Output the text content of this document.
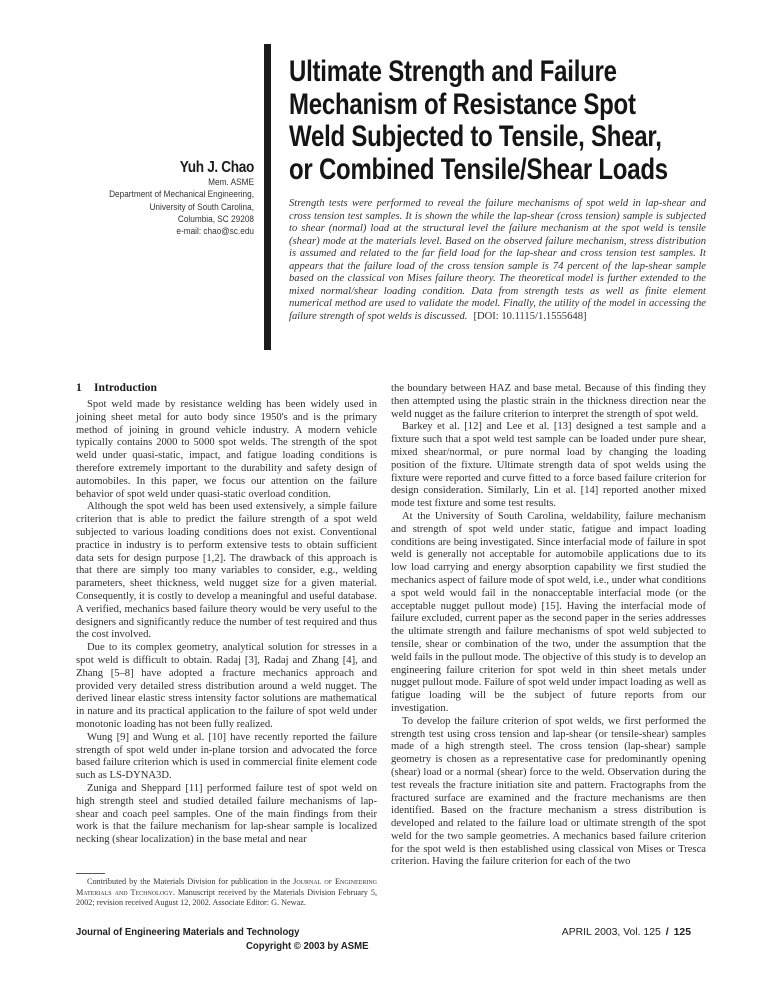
Yuh J. Chao
Mem. ASME
Department of Mechanical Engineering,
University of South Carolina,
Columbia, SC 29208
e-mail: chao@sc.edu
Ultimate Strength and Failure
Mechanism of Resistance Spot
Weld Subjected to Tensile, Shear,
or Combined Tensile/Shear Loads
Strength tests were performed to reveal the failure mechanisms of spot weld in lap-shear and cross tension test samples. It is shown the while the lap-shear (cross tension) sample is subjected to shear (normal) load at the structural level the failure mechanism at the spot weld is tensile (shear) mode at the materials level. Based on the observed failure mechanism, stress distribution is assumed and related to the far field load for the lap-shear and cross tension test samples. It appears that the failure load of the cross tension sample is 74 percent of the lap-shear sample based on the classical von Mises failure theory. The theoretical model is further extended to the mixed normal/shear loading condition. Data from strength tests as well as finite element numerical method are used to validate the model. Finally, the utility of the model in accessing the failure strength of spot welds is discussed. [DOI: 10.1115/1.1555648]
1 Introduction

Spot weld made by resistance welding has been widely used in joining sheet metal for auto body since 1950's and is the primary method of joining in ground vehicle industry. A modern vehicle typically contains 2000 to 5000 spot welds. The strength of the spot weld under quasi-static, impact, and fatigue loading conditions is therefore extremely important to the durability and safety design of automobiles. In this paper, we focus our attention on the failure behavior of spot weld under quasi-static overload condition.

Although the spot weld has been used extensively, a simple failure criterion that is able to predict the failure strength of a spot weld subjected to various loading conditions does not exist. Conventional practice in industry is to perform extensive tests to obtain sufficient data sets for design purpose [1,2]. The drawback of this approach is that there are simply too many variables to consider, e.g., welding parameters, sheet thickness, weld nugget size for a given material. Consequently, it is costly to develop a meaningful and useful database. A verified, mechanics based failure theory would be very useful to the designers and significantly reduce the number of test required and thus the cost involved.

Due to its complex geometry, analytical solution for stresses in a spot weld is difficult to obtain. Radaj [3], Radaj and Zhang [4], and Zhang [5–8] have adopted a fracture mechanics approach and provided very detailed stress distribution around a weld nugget. The derived linear elastic stress intensity factor solutions are mathematical in nature and its practical application to the failure of spot weld under monotonic loading has not been fully realized.

Wung [9] and Wung et al. [10] have recently reported the failure strength of spot weld under in-plane torsion and advocated the force based failure criterion which is used in commercial finite element code such as LS-DYNA3D.

Zuniga and Sheppard [11] performed failure test of spot weld on high strength steel and studied detailed failure mechanisms of lap-shear and coach peel samples. One of the main findings from their work is that the failure mechanism for lap-shear sample is localized necking (shear localization) in the base metal and near

the boundary between HAZ and base metal. Because of this finding they then attempted using the plastic strain in the thickness direction near the weld nugget as the failure criterion to interpret the strength of spot weld.

Barkey et al. [12] and Lee et al. [13] designed a test sample and a fixture such that a spot weld test sample can be loaded under pure shear, mixed shear/normal, or pure normal load by changing the loading position of the fixture. Ultimate strength data of spot welds using the fixture were reported and curve fitted to a force based failure criterion for design consideration. Similarly, Lin et al. [14] reported another mixed mode test fixture and some test results.

At the University of South Carolina, weldability, failure mechanism and strength of spot weld under static, fatigue and impact loading conditions are being investigated. Since interfacial mode of failure in spot weld is generally not acceptable for automobile applications due to its low load carrying and energy absorption capability we first studied the mechanics aspect of failure mode of spot weld, i.e., under what conditions a spot weld would fail in the nonacceptable interfacial mode (or the acceptable nugget pullout mode) [15]. Having the interfacial mode of failure excluded, current paper as the second paper in the series addresses the ultimate strength and failure mechanisms of spot weld subjected to tensile, shear or combination of the two, under the assumption that the weld fails in the pullout mode. The objective of this study is to develop an engineering failure criterion for spot weld in thin sheet metals under nugget pullout mode. Failure of spot weld under impact loading as well as fatigue loading will be the subject of future reports from our investigation.

To develop the failure criterion of spot welds, we first performed the strength test using cross tension and lap-shear (or tensile-shear) samples made of a high strength steel. The cross tension (lap-shear) sample geometry is chosen as a representative case for predominantly opening (shear) load or a normal (shear) force to the weld. Observation during the test reveals the fracture initiation site and pattern. Fractographs from the fractured surface are examined and the fracture mechanisms are then identified. Based on the fracture mechanism a stress distribution is developed and related to the failure load or ultimate strength of the spot weld for the two sample geometries. A mechanics based failure criterion for the spot weld is then established using classical von Mises or Tresca criterion. Having the failure criterion for each of the two

Contributed by the Materials Division for publication in the Journal of Engineering Materials and Technology. Manuscript received by the Materials Division February 5, 2002; revision received August 12, 2002. Associate Editor: G. Newaz.

Journal of Engineering Materials and Technology
Copyright © 2003 by ASME
APRIL 2003, Vol. 125 / 125
